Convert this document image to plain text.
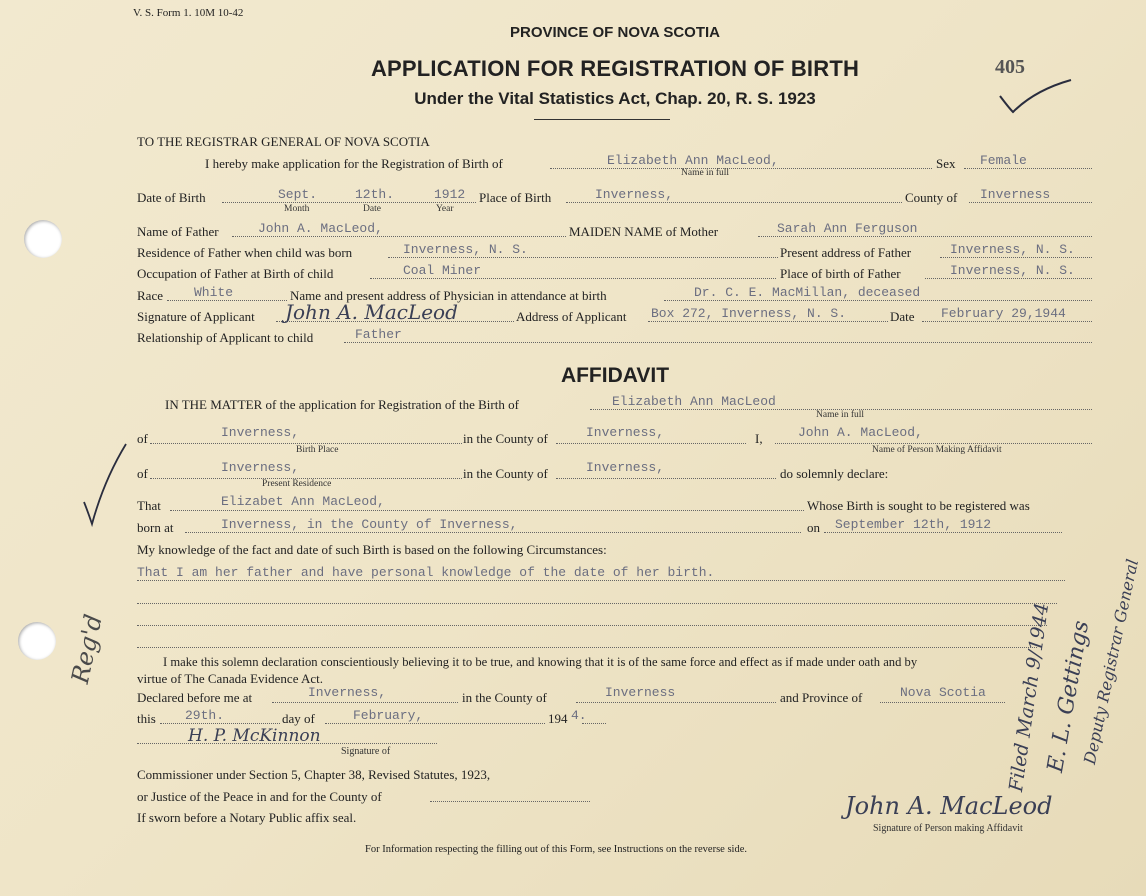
V. S. Form 1. 10M 10-42
PROVINCE OF NOVA SCOTIA
APPLICATION FOR REGISTRATION OF BIRTH
Under the Vital Statistics Act, Chap. 20, R. S. 1923
405
TO THE REGISTRAR GENERAL OF NOVA SCOTIA
I hereby make application for the Registration of Birth of	Elizabeth Ann MacLeod,
Name in full
Sex Female
Date of Birth	Sept.	12th.	1912
Month	Date	Year
Place of Birth	Inverness,	County of Inverness
Name of Father	John A. MacLeod,	MAIDEN NAME of Mother	Sarah Ann Ferguson
Residence of Father when child was born	Inverness, N. S.	Present address of Father	Inverness, N. S.
Occupation of Father at Birth of child	Coal Miner	Place of birth of Father	Inverness, N. S.
Race White	Name and present address of Physician in attendance at birth	Dr. C. E. MacMillan, deceased
Signature of Applicant John A. MacLeod	Address of Applicant Box 272, Inverness, N. S.	Date February 29,1944
Relationship of Applicant to child	Father
AFFIDAVIT
IN THE MATTER of the application for Registration of the Birth of	Elizabeth Ann MacLeod
Name in full
of	Inverness,
Birth Place
in the County of	Inverness,	I,	John A. MacLeod,
Name of Person Making Affidavit
of	Inverness,
Present Residence
in the County of	Inverness,	do solemnly declare:
That	Elizabet Ann MacLeod,	Whose Birth is sought to be registered was
born at	Inverness, in the County of Inverness,	on September 12th, 1912
My knowledge of the fact and date of such Birth is based on the following Circumstances:
That I am her father and have personal knowledge of the date of her birth.
I make this solemn declaration conscientiously believing it to be true, and knowing that it is of the same force and effect as if made under oath and by
virtue of The Canada Evidence Act.
Declared before me at	Inverness,	in the County of	Inverness	and Province of	Nova Scotia
this 29th.	day of	February,	194 4.
H. P. McKinnon
Signature of
Commissioner under Section 5, Chapter 38, Revised Statutes, 1923,
or Justice of the Peace in and for the County of
If sworn before a Notary Public affix seal.	John A. MacLeod
Signature of Person making Affidavit
Reg'd	Filed March 9/1944
E. L. Gettings
Deputy Registrar General
For Information respecting the filling out of this Form, see Instructions on the reverse side.
